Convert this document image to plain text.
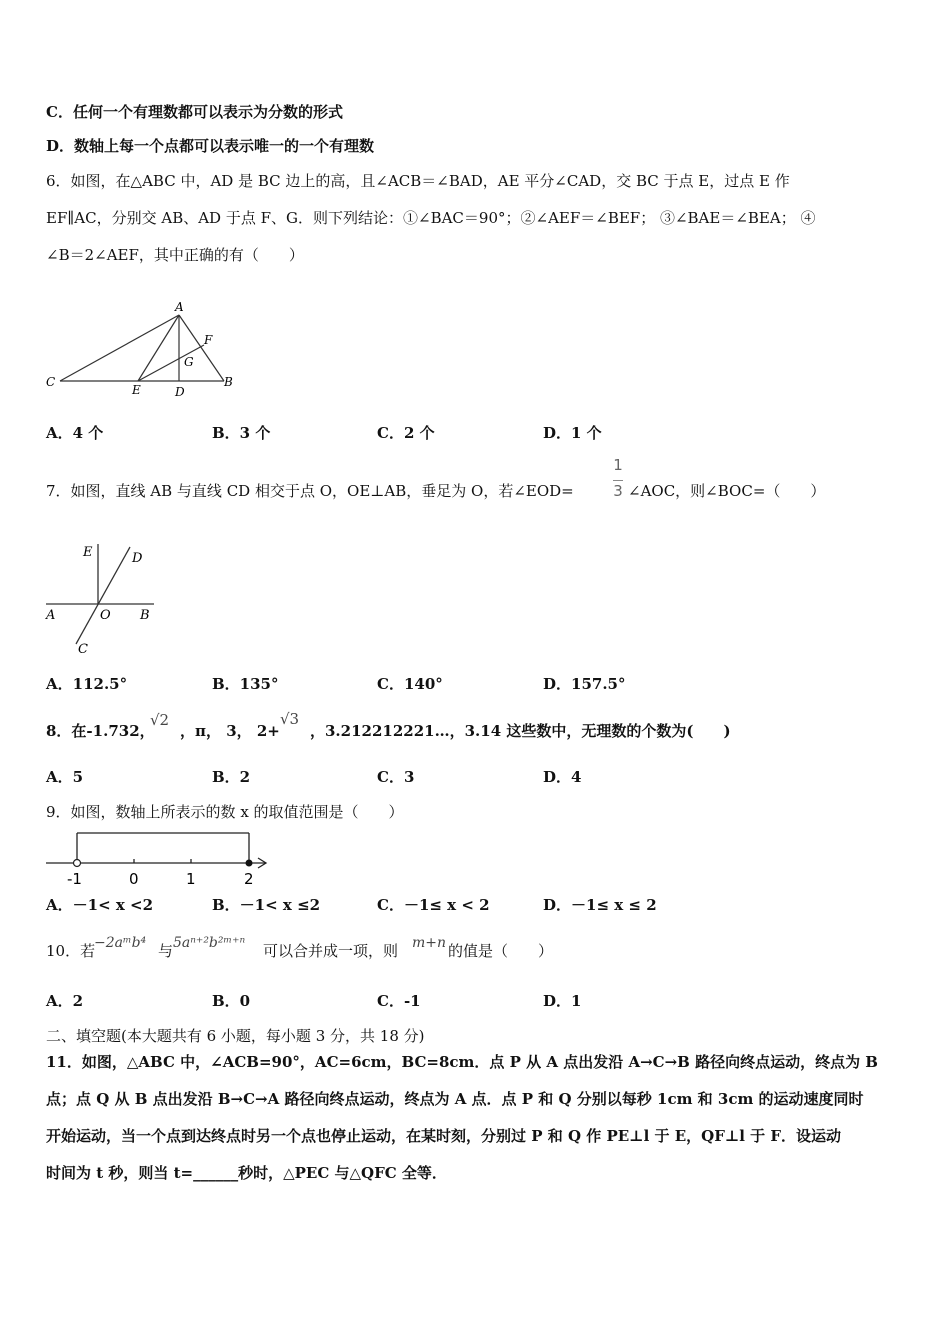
C．任何一个有理数都可以表示为分数的形式
D．数轴上每一个点都可以表示唯一的一个有理数
6．如图，在△ABC 中，AD 是 BC 边上的高，且∠ACB＝∠BAD，AE 平分∠CAD，交 BC 于点 E，过点 E 作
EF∥AC，分别交 AB、AD 于点 F、G．则下列结论：①∠BAC＝90°；②∠AEF＝∠BEF； ③∠BAE＝∠BEA； ④
∠B＝2∠AEF，其中正确的有（　　）
A
C	B
E	D
F
G
A．4 个	B．3 个	C．2 个	D．1 个
7．如图，直线 AB 与直线 CD 相交于点 O，OE⊥AB，垂足为 O，若∠EOD=
1
3 ∠AOC，则∠BOC=（　　）
E	D
A	O B
C
A．112.5°	B．135°	C．140°	D．157.5°
8．在-1.732，
√2
，π， 3， 2+
√3
，3.212212221…，3.14 这些数中，无理数的个数为(　　)
A．5	B．2	C．3	D．4
9．如图，数轴上所表示的数 x 的取值范围是（　　）
-1	0	1	2
A．－1< x <2	B．－1< x ≤2	C．－1≤ x < 2	D．－1≤ x ≤ 2
10．若
−2aᵐb⁴ 与 5aⁿ⁺²b²ᵐ⁺ⁿ 可以合并成一项，则 m+n 的值是（　　）
A．2	B．0	C．-1	D．1
二、填空题(本大题共有 6 小题，每小题 3 分，共 18 分)
11．如图，△ABC 中，∠ACB=90°，AC=6cm，BC=8cm．点 P 从 A 点出发沿 A→C→B 路径向终点运动，终点为 B
点；点 Q 从 B 点出发沿 B→C→A 路径向终点运动，终点为 A 点．点 P 和 Q 分别以每秒 1cm 和 3cm 的运动速度同时
开始运动，当一个点到达终点时另一个点也停止运动，在某时刻，分别过 P 和 Q 作 PE⊥l 于 E，QF⊥l 于 F．设运动
时间为 t 秒，则当 t=______秒时，△PEC 与△QFC 全等．
